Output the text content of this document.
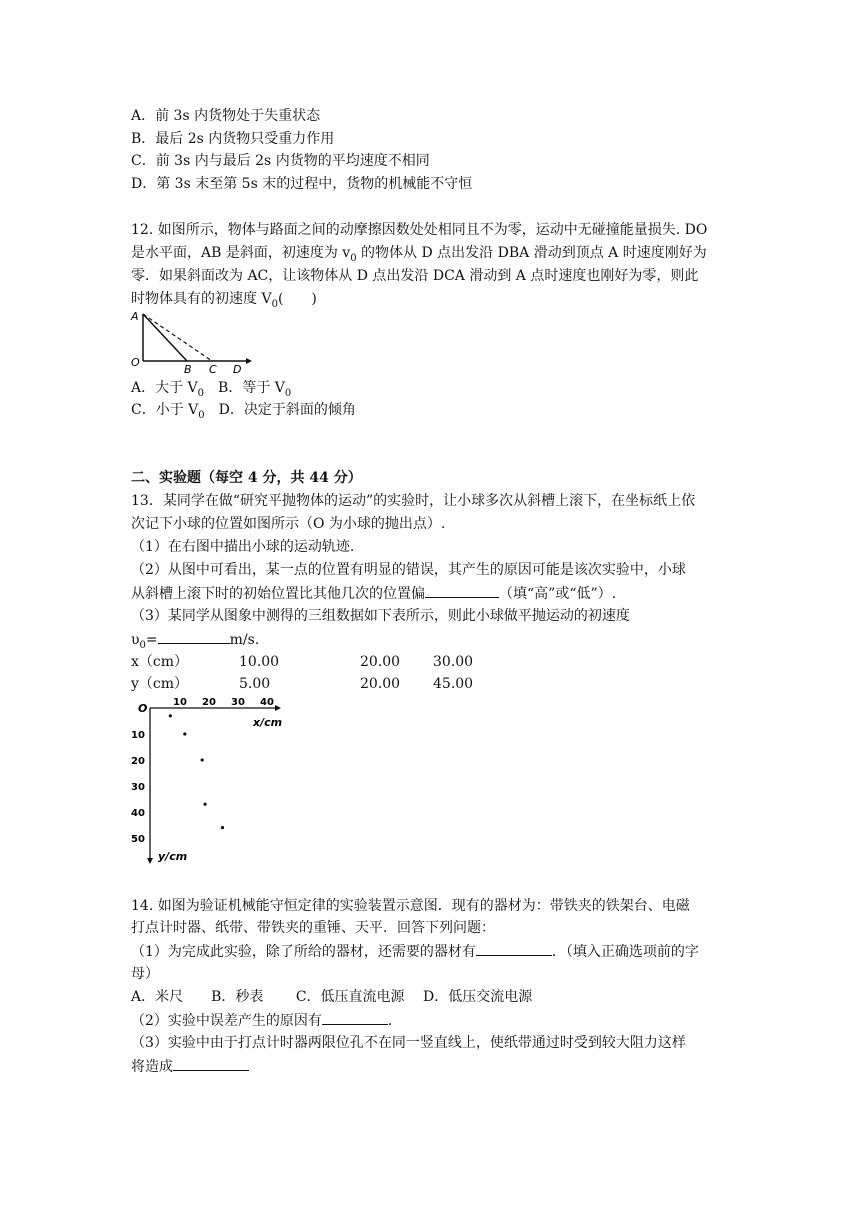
A．前 3s 内货物处于失重状态
B．最后 2s 内货物只受重力作用
C．前 3s 内与最后 2s 内货物的平均速度不相同
D．第 3s 末至第 5s 末的过程中，货物的机械能不守恒
12. 如图所示，物体与路面之间的动摩擦因数处处相同且不为零，运动中无碰撞能量损失. DO
是水平面，AB 是斜面，初速度为 $v_0$ 的物体从 D 点出发沿 DBA 滑动到顶点 A 时速度刚好为
零．如果斜面改为 AC，让该物体从 D 点出发沿 DCA 滑动到 A 点时速度也刚好为零，则此
时物体具有的初速度 $V_0$(　　)
A
O
B C D
A．大于 $V_0$　B．等于 $V_0$
C．小于 $V_0$　D．决定于斜面的倾角
二、实验题（每空 4 分，共 44 分）
13．某同学在做“研究平抛物体的运动”的实验时，让小球多次从斜槽上滚下，在坐标纸上依
次记下小球的位置如图所示（O 为小球的抛出点）.
（1）在右图中描出小球的运动轨迹.
（2）从图中可看出，某一点的位置有明显的错误，其产生的原因可能是该次实验中，小球
从斜槽上滚下时的初始位置比其他几次的位置偏	（填“高”或“低”）.
（3）某同学从图象中测得的三组数据如下表所示，则此小球做平抛运动的初速度
$\upsilon_0=$	m/s.
x（cm）	10.00	20.00 30.00
y（cm）	5.00	20.00 45.00
O
x/cm
y/cm
10 20 30 40
10
20
30
40
50
14. 如图为验证机械能守恒定律的实验装置示意图．现有的器材为：带铁夹的铁架台、电磁
打点计时器、纸带、带铁夹的重锤、天平．回答下列问题：
（1）为完成此实验，除了所给的器材，还需要的器材有	．（填入正确选项前的字
母）
A．米尺　　B．秒表　　 C．低压直流电源　 D．低压交流电源
（2）实验中误差产生的原因有	．
（3）实验中由于打点计时器两限位孔不在同一竖直线上，使纸带通过时受到较大阻力这样
将造成
